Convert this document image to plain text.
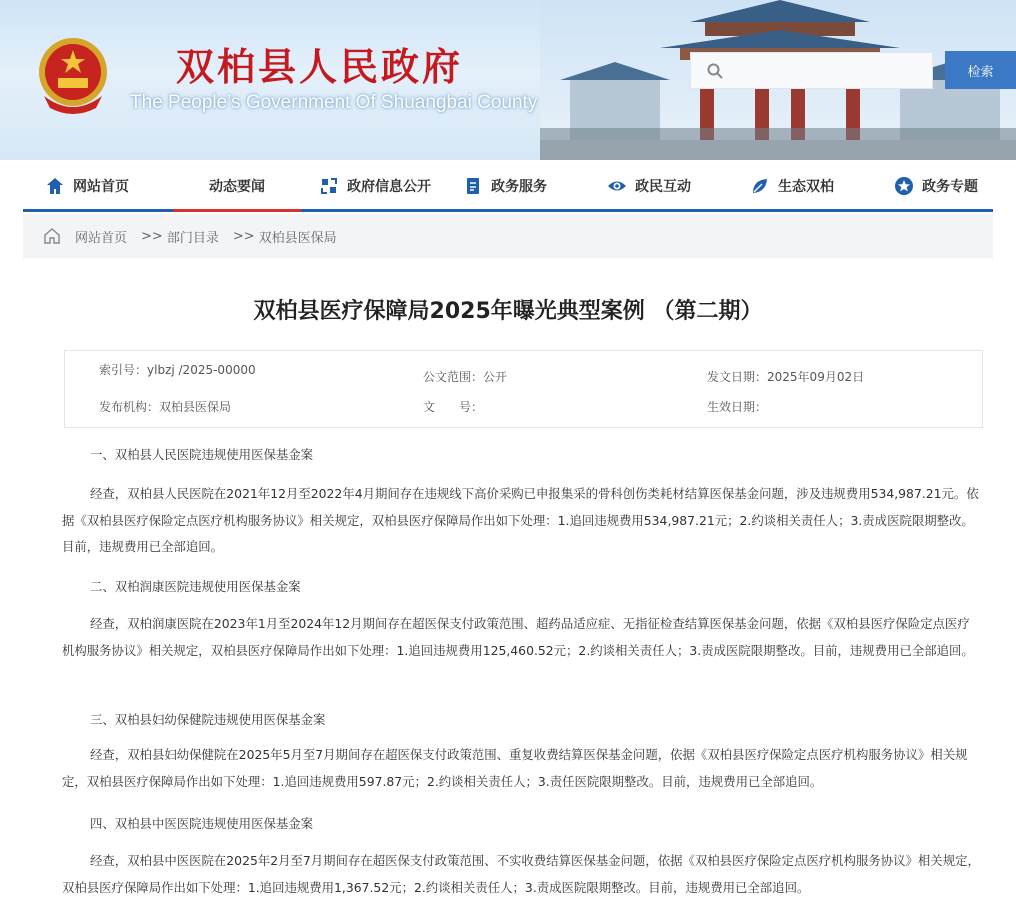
双柏县人民政府
The People’s Government Of Shuangbai County
检索
网站首页	动态要闻	政府信息公开	政务服务	政民互动	生态双柏	政务专题
网站首页 >> 部门目录 >> 双柏县医保局
双柏县医疗保障局2025年曝光典型案例 （第二期）
索引号：ylbzj /2025-00000	公文范围：公开	发文日期：2025年09月02日
发布机构：双柏县医保局	文　　号：	生效日期：
一、双柏县人民医院违规使用医保基金案
经查，双柏县人民医院在2021年12月至2022年4月期间存在违规线下高价采购已申报集采的骨科创伤类耗材结算医保基金问题，涉及违规费用534,987.21元。依据《双柏县医疗保险定点医疗机构服务协议》相关规定，双柏县医疗保障局作出如下处理：1.追回违规费用534,987.21元；2.约谈相关责任人；3.责成医院限期整改。目前，违规费用已全部追回。
二、双柏润康医院违规使用医保基金案
经查，双柏润康医院在2023年1月至2024年12月期间存在超医保支付政策范围、超药品适应症、无指征检查结算医保基金问题，依据《双柏县医疗保险定点医疗机构服务协议》相关规定，双柏县医疗保障局作出如下处理：1.追回违规费用125,460.52元；2.约谈相关责任人；3.责成医院限期整改。目前，违规费用已全部追回。
三、双柏县妇幼保健院违规使用医保基金案
经查，双柏县妇幼保健院在2025年5月至7月期间存在超医保支付政策范围、重复收费结算医保基金问题，依据《双柏县医疗保险定点医疗机构服务协议》相关规定，双柏县医疗保障局作出如下处理：1.追回违规费用597.87元；2.约谈相关责任人；3.责任医院限期整改。目前，违规费用已全部追回。
四、双柏县中医医院违规使用医保基金案
经查，双柏县中医医院在2025年2月至7月期间存在超医保支付政策范围、不实收费结算医保基金问题，依据《双柏县医疗保险定点医疗机构服务协议》相关规定，双柏县医疗保障局作出如下处理：1.追回违规费用1,367.52元；2.约谈相关责任人；3.责成医院限期整改。目前，违规费用已全部追回。
